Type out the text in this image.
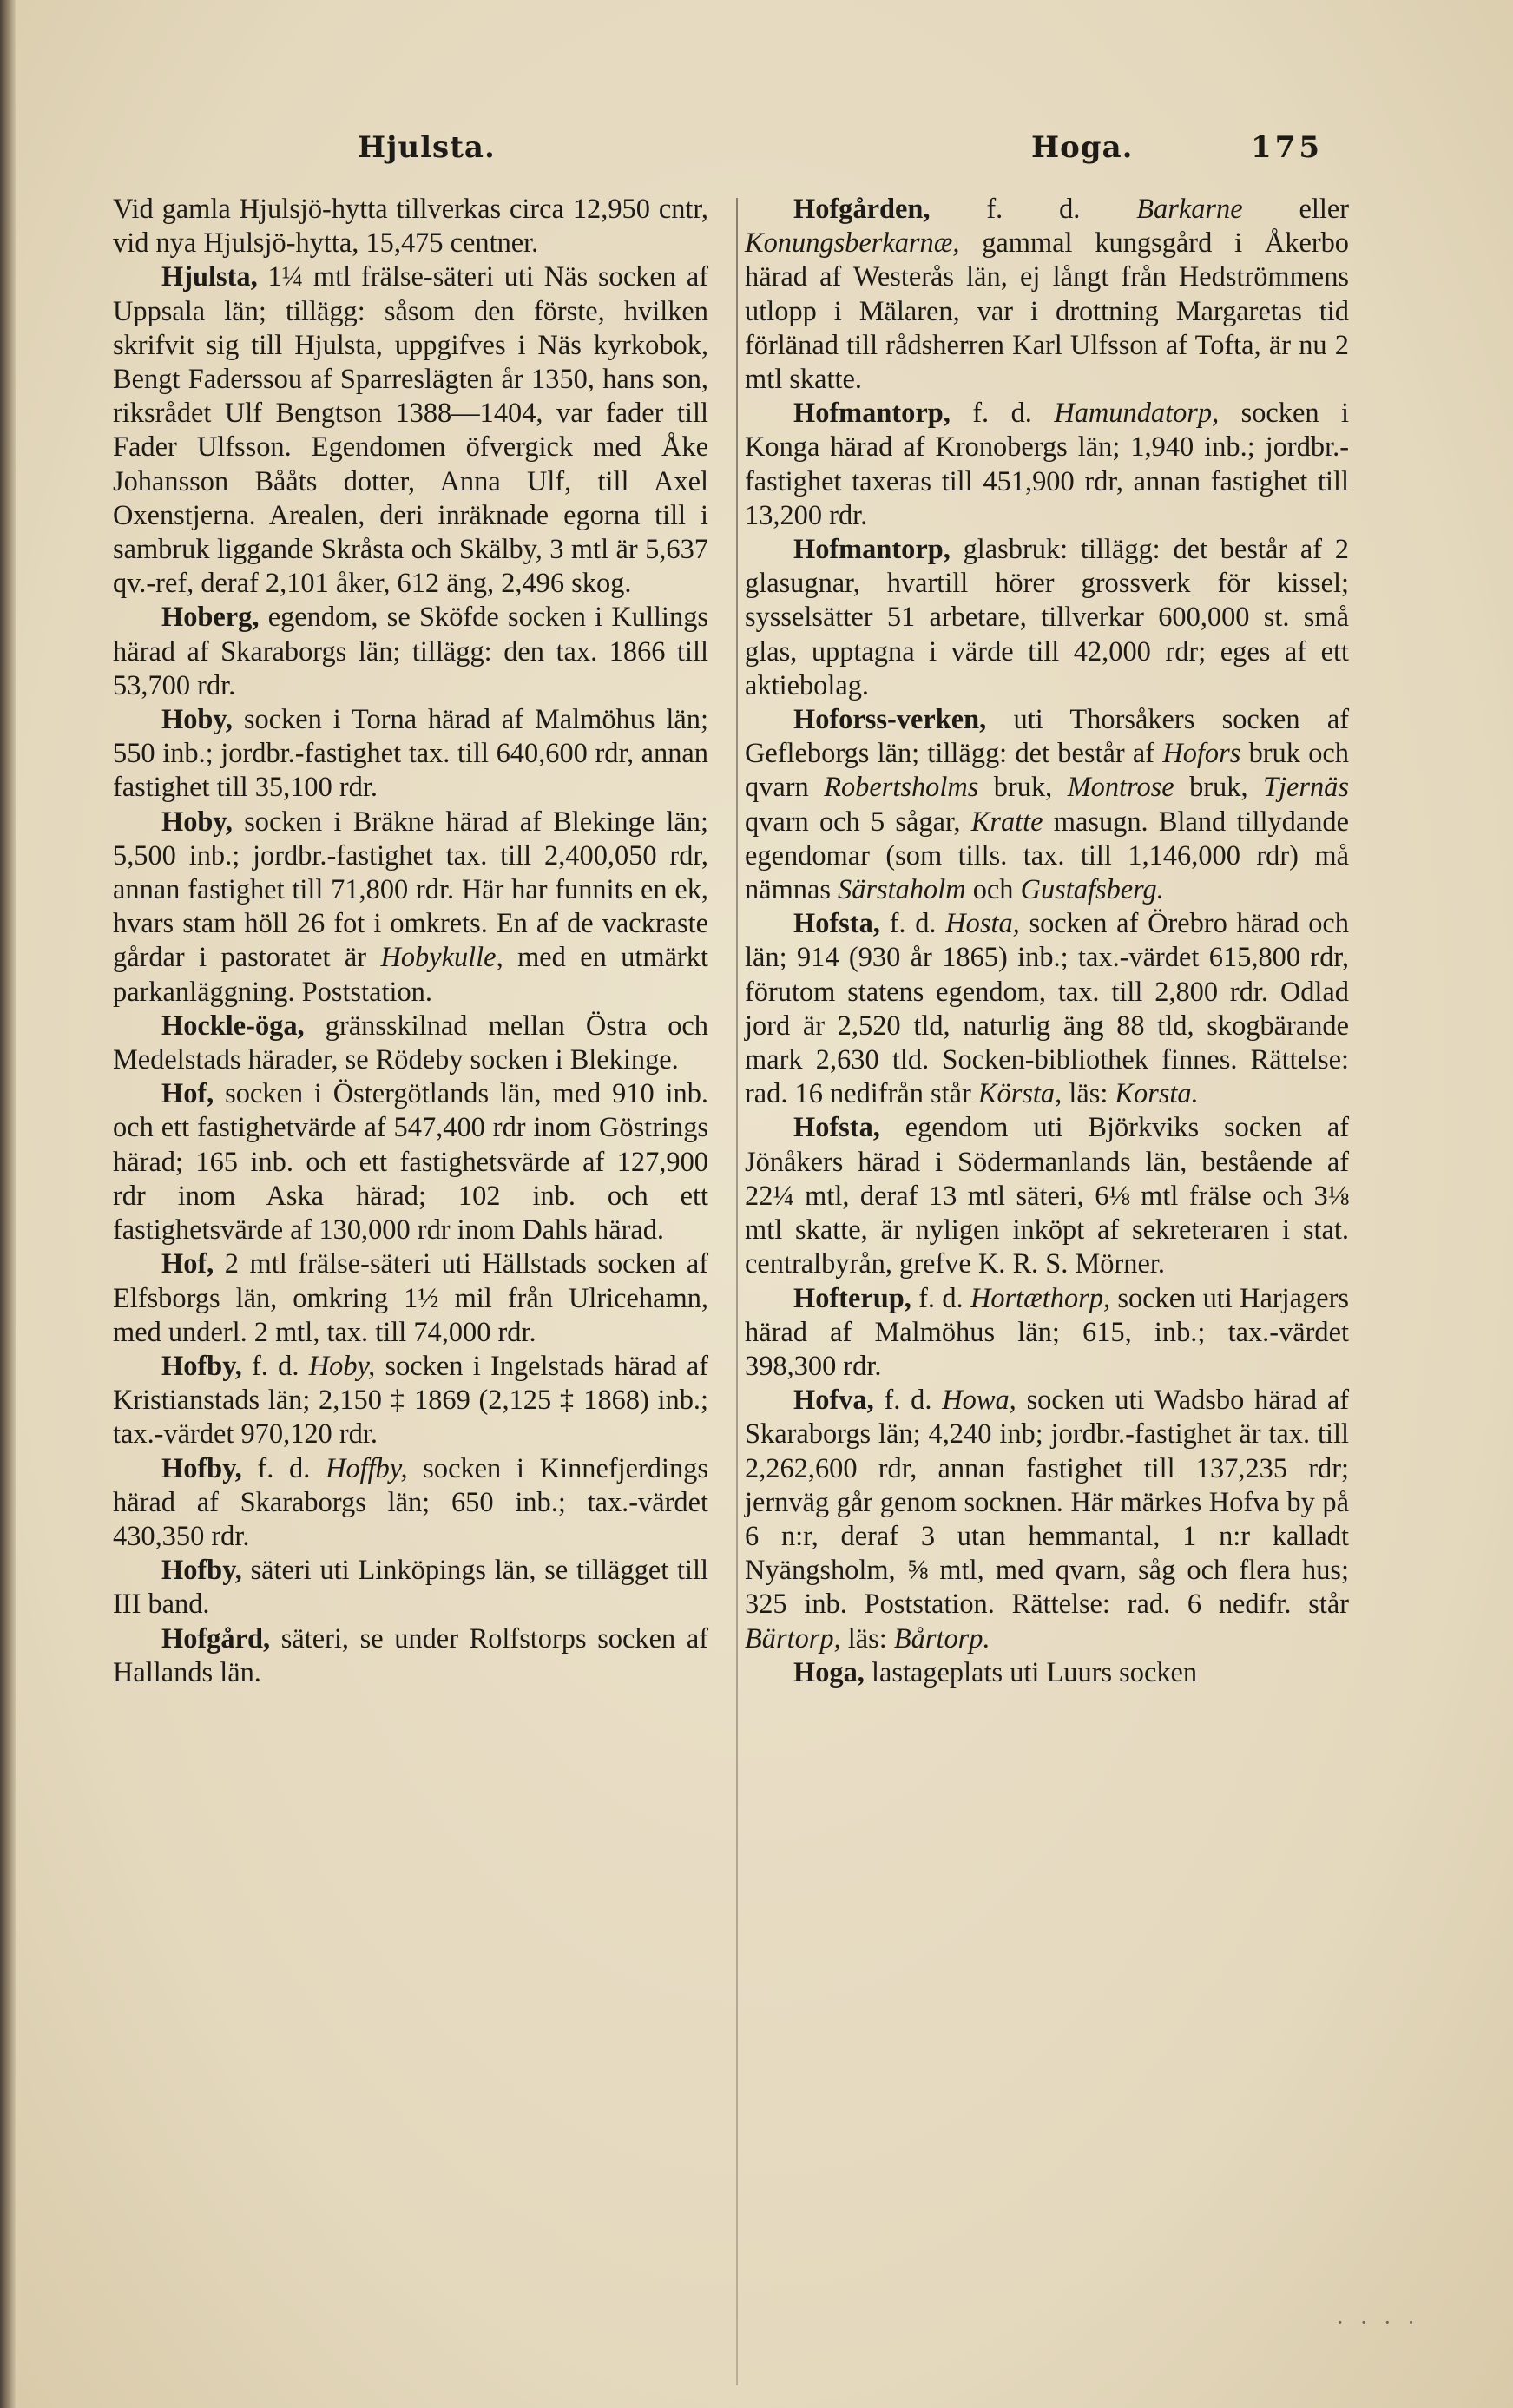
Hjulsta.	Hoga.	175

Vid gamla Hjulsjö-hytta tillverkas circa 12,950 cntr, vid nya Hjulsjö-hytta, 15,475 centner.

Hjulsta, 1¼ mtl frälse-säteri uti Näs socken af Uppsala län; tillägg: såsom den förste, hvilken skrifvit sig till Hjulsta, uppgifves i Näs kyrkobok, Bengt Faderssou af Sparreslägten år 1350, hans son, riksrådet Ulf Bengtson 1388—1404, var fader till Fader Ulfsson. Egendomen öfvergick med Åke Johansson Bååts dotter, Anna Ulf, till Axel Oxenstjerna. Arealen, deri inräknade egorna till i sambruk liggande Skråsta och Skälby, 3 mtl är 5,637 qv.-ref, deraf 2,101 åker, 612 äng, 2,496 skog.

Hoberg, egendom, se Sköfde socken i Kullings härad af Skaraborgs län; tillägg: den tax. 1866 till 53,700 rdr.

Hoby, socken i Torna härad af Malmöhus län; 550 inb.; jordbr.-fastighet tax. till 640,600 rdr, annan fastighet till 35,100 rdr.

Hoby, socken i Bräkne härad af Blekinge län; 5,500 inb.; jordbr.-fastighet tax. till 2,400,050 rdr, annan fastighet till 71,800 rdr. Här har funnits en ek, hvars stam höll 26 fot i omkrets. En af de vackraste gårdar i pastoratet är Hobykulle, med en utmärkt parkanläggning. Poststation.

Hockle-öga, gränsskilnad mellan Östra och Medelstads härader, se Rödeby socken i Blekinge.

Hof, socken i Östergötlands län, med 910 inb. och ett fastighetvärde af 547,400 rdr inom Göstrings härad; 165 inb. och ett fastighetsvärde af 127,900 rdr inom Aska härad; 102 inb. och ett fastighetsvärde af 130,000 rdr inom Dahls härad.

Hof, 2 mtl frälse-säteri uti Hällstads socken af Elfsborgs län, omkring 1½ mil från Ulricehamn, med underl. 2 mtl, tax. till 74,000 rdr.

Hofby, f. d. Hoby, socken i Ingelstads härad af Kristianstads län; 2,150 ‡ 1869 (2,125 ‡ 1868) inb.; tax.-värdet 970,120 rdr.

Hofby, f. d. Hoffby, socken i Kinnefjerdings härad af Skaraborgs län; 650 inb.; tax.-värdet 430,350 rdr.

Hofby, säteri uti Linköpings län, se tillägget till III band.

Hofgård, säteri, se under Rolfstorps socken af Hallands län.

Hofgården, f. d. Barkarne eller Konungsberkarnæ, gammal kungsgård i Åkerbo härad af Westerås län, ej långt från Hedströmmens utlopp i Mälaren, var i drottning Margaretas tid förlänad till rådsherren Karl Ulfsson af Tofta, är nu 2 mtl skatte.

Hofmantorp, f. d. Hamundatorp, socken i Konga härad af Kronobergs län; 1,940 inb.; jordbr.-fastighet taxeras till 451,900 rdr, annan fastighet till 13,200 rdr.

Hofmantorp, glasbruk: tillägg: det består af 2 glasugnar, hvartill hörer grossverk för kissel; sysselsätter 51 arbetare, tillverkar 600,000 st. små glas, upptagna i värde till 42,000 rdr; eges af ett aktiebolag.

Hoforss-verken, uti Thorsåkers socken af Gefleborgs län; tillägg: det består af Hofors bruk och qvarn Robertsholms bruk, Montrose bruk, Tjernäs qvarn och 5 sågar, Kratte masugn. Bland tillydande egendomar (som tills. tax. till 1,146,000 rdr) må nämnas Särstaholm och Gustafsberg.

Hofsta, f. d. Hosta, socken af Örebro härad och län; 914 (930 år 1865) inb.; tax.-värdet 615,800 rdr, förutom statens egendom, tax. till 2,800 rdr. Odlad jord är 2,520 tld, naturlig äng 88 tld, skogbärande mark 2,630 tld. Socken-bibliothek finnes. Rättelse: rad. 16 nedifrån står Körsta, läs: Korsta.

Hofsta, egendom uti Björkviks socken af Jönåkers härad i Södermanlands län, bestående af 22¼ mtl, deraf 13 mtl säteri, 6⅛ mtl frälse och 3⅛ mtl skatte, är nyligen inköpt af sekreteraren i stat. centralbyrån, grefve K. R. S. Mörner.

Hofterup, f. d. Hortæthorp, socken uti Harjagers härad af Malmöhus län; 615, inb.; tax.-värdet 398,300 rdr.

Hofva, f. d. Howa, socken uti Wadsbo härad af Skaraborgs län; 4,240 inb; jordbr.-fastighet är tax. till 2,262,600 rdr, annan fastighet till 137,235 rdr; jernväg går genom socknen. Här märkes Hofva by på 6 n:r, deraf 3 utan hemmantal, 1 n:r kalladt Nyängsholm, ⅝ mtl, med qvarn, såg och flera hus; 325 inb. Poststation. Rättelse: rad. 6 nedifr. står Bärtorp, läs: Bårtorp.

Hoga, lastageplats uti Luurs socken

· · · ·
